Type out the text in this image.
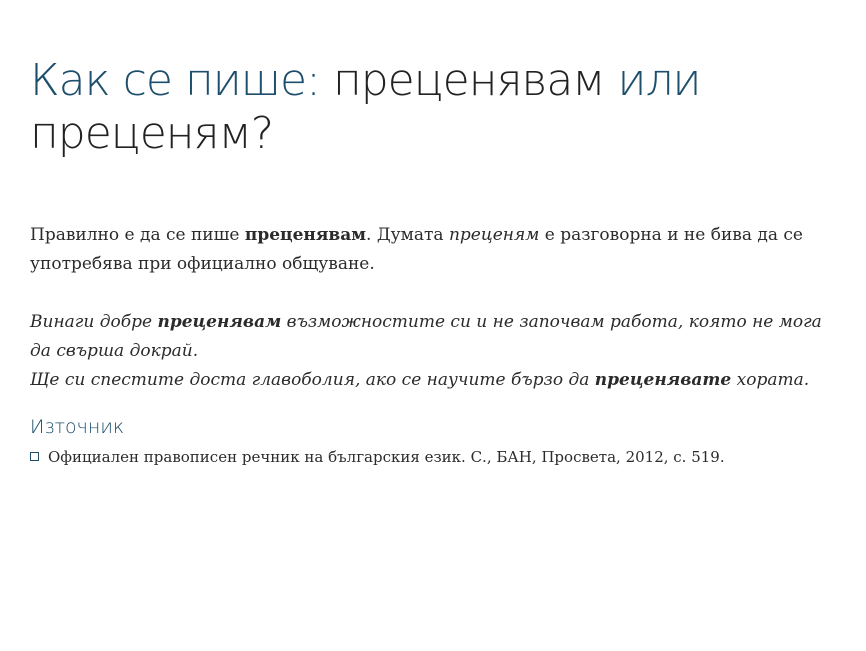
Как се пише: преценявам или
преценям?

Правилно е да се пише преценявам. Думата преценям е разговорна и не бива да се употребява при официално общуване.

Винаги добре преценявам възможностите си и не започвам работа, която не мога да свърша докрай.

Ще си спестите доста главоболия, ако се научите бързо да преценявате хората.

Източник
Официален правописен речник на българския език. С., БАН, Просвета, 2012, с. 519.
